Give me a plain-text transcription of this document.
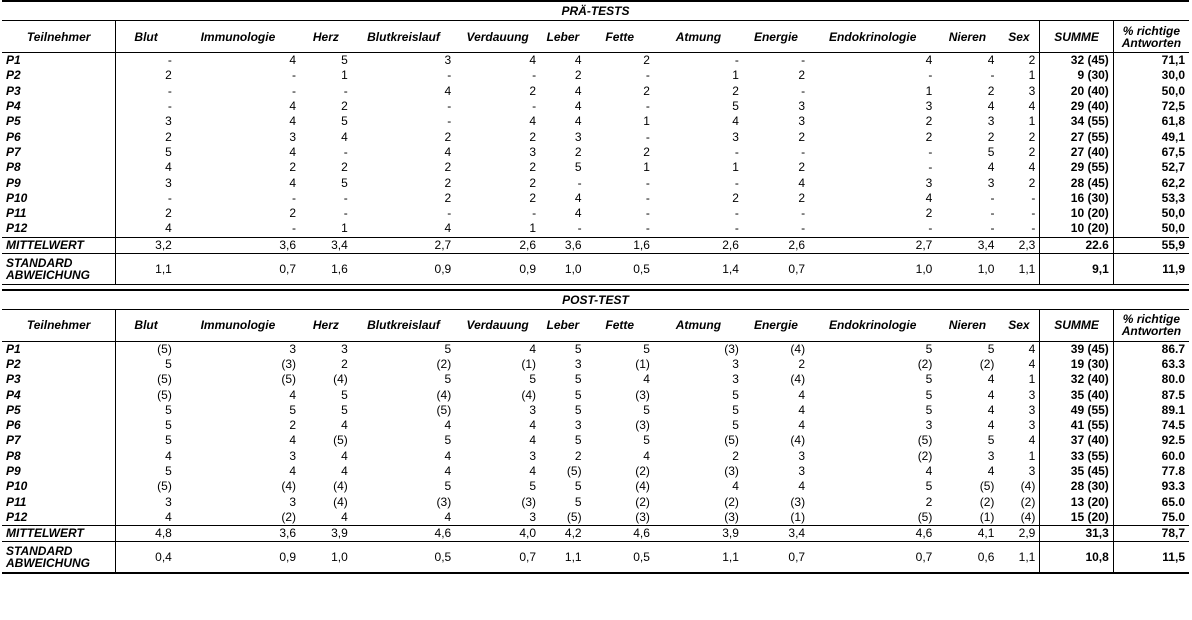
PRÄ-TESTS														
Teilnehmer	Blut	Immunologie	Herz	Blutkreislauf	Verdauung	Leber	Fette	Atmung	Energie	Endokrinologie	Nieren	Sex	SUMME	% richtige Antworten
P1	-	4	5	3	4	4	2	-	-	4	4	2	32 (45)	71,1
P2	2	-	1	-	-	2	-	1	2	-	-	1	9 (30)	30,0
P3	-	-	-	4	2	4	2	2	-	1	2	3	20 (40)	50,0
P4	-	4	2	-	-	4	-	5	3	3	4	4	29 (40)	72,5
P5	3	4	5	-	4	4	1	4	3	2	3	1	34 (55)	61,8
P6	2	3	4	2	2	3	-	3	2	2	2	2	27 (55)	49,1
P7	5	4	-	4	3	2	2	-	-	-	5	2	27 (40)	67,5
P8	4	2	2	2	2	5	1	1	2	-	4	4	29 (55)	52,7
P9	3	4	5	2	2	-	-	-	4	3	3	2	28 (45)	62,2
P10	-	-	-	2	2	4	-	2	2	4	-	-	16 (30)	53,3
P11	2	2	-	-	-	4	-	-	-	2	-	-	10 (20)	50,0
P12	4	-	1	4	1	-	-	-	-	-	-	-	10 (20)	50,0
MITTELWERT	3,2	3,6	3,4	2,7	2,6	3,6	1,6	2,6	2,6	2,7	3,4	2,3	22.6	55,9
STANDARD ABWEICHUNG	1,1	0,7	1,6	0,9	0,9	1,0	0,5	1,4	0,7	1,0	1,0	1,1	9,1	11,9

POST-TEST														
Teilnehmer	Blut	Immunologie	Herz	Blutkreislauf	Verdauung	Leber	Fette	Atmung	Energie	Endokrinologie	Nieren	Sex	SUMME	% richtige Antworten
P1	(5)	3	3	5	4	5	5	(3)	(4)	5	5	4	39 (45)	86.7
P2	5	(3)	2	(2)	(1)	3	(1)	3	2	(2)	(2)	4	19 (30)	63.3
P3	(5)	(5)	(4)	5	5	5	4	3	(4)	5	4	1	32 (40)	80.0
P4	(5)	4	5	(4)	(4)	5	(3)	5	4	5	4	3	35 (40)	87.5
P5	5	5	5	(5)	3	5	5	5	4	5	4	3	49 (55)	89.1
P6	5	2	4	4	4	3	(3)	5	4	3	4	3	41 (55)	74.5
P7	5	4	(5)	5	4	5	5	(5)	(4)	(5)	5	4	37 (40)	92.5
P8	4	3	4	4	3	2	4	2	3	(2)	3	1	33 (55)	60.0
P9	5	4	4	4	4	(5)	(2)	(3)	3	4	4	3	35 (45)	77.8
P10	(5)	(4)	(4)	5	5	5	(4)	4	4	5	(5)	(4)	28 (30)	93.3
P11	3	3	(4)	(3)	(3)	5	(2)	(2)	(3)	2	(2)	(2)	13 (20)	65.0
P12	4	(2)	4	4	3	(5)	(3)	(3)	(1)	(5)	(1)	(4)	15 (20)	75.0
MITTELWERT	4,8	3,6	3,9	4,6	4,0	4,2	4,6	3,9	3,4	4,6	4,1	2,9	31,3	78,7
STANDARD ABWEICHUNG	0,4	0,9	1,0	0,5	0,7	1,1	0,5	1,1	0,7	0,7	0,6	1,1	10,8	11,5
